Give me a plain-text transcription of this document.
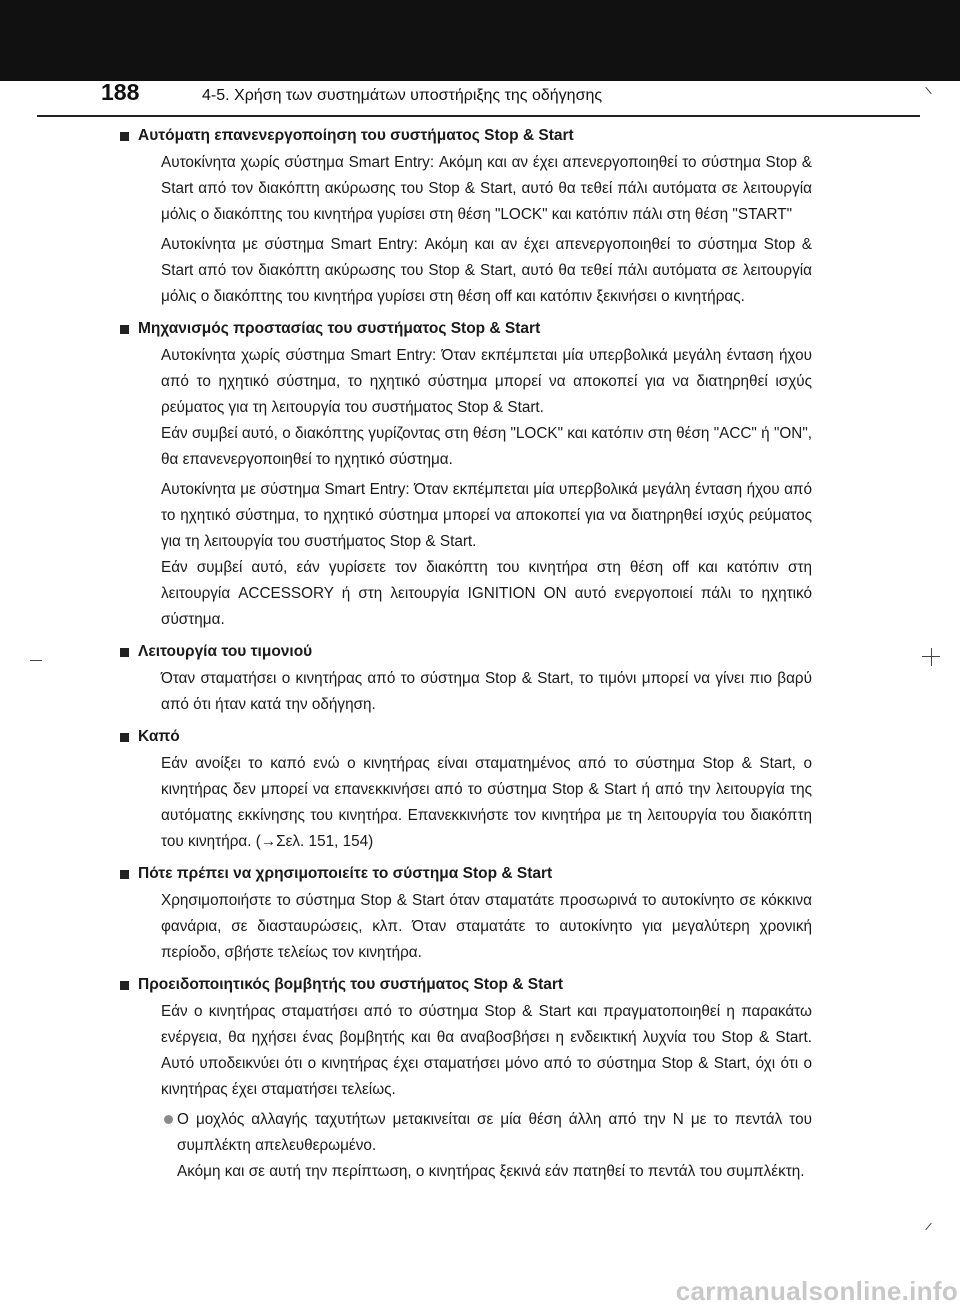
188	4-5. Χρήση των συστημάτων υποστήριξης της οδήγησης
Αυτόματη επανενεργοποίηση του συστήματος Stop & Start

Αυτοκίνητα χωρίς σύστημα Smart Entry: Ακόμη και αν έχει απενεργοποιηθεί το σύστημα Stop & Start από τον διακόπτη ακύρωσης του Stop & Start, αυτό θα τεθεί πάλι αυτόματα σε λειτουργία μόλις ο διακόπτης του κινητήρα γυρίσει στη θέση "LOCK" και κατόπιν πάλι στη θέση "START"

Αυτοκίνητα με σύστημα Smart Entry: Ακόμη και αν έχει απενεργοποιηθεί το σύστημα Stop & Start από τον διακόπτη ακύρωσης του Stop & Start, αυτό θα τεθεί πάλι αυτόματα σε λειτουργία μόλις ο διακόπτης του κινητήρα γυρίσει στη θέση off και κατόπιν ξεκινήσει ο κινητήρας.

Μηχανισμός προστασίας του συστήματος Stop & Start

Αυτοκίνητα χωρίς σύστημα Smart Entry: Όταν εκπέμπεται μία υπερβολικά μεγάλη ένταση ήχου από το ηχητικό σύστημα, το ηχητικό σύστημα μπορεί να αποκοπεί για να διατηρηθεί ισχύς ρεύματος για τη λειτουργία του συστήματος Stop & Start.
Εάν συμβεί αυτό, ο διακόπτης γυρίζοντας στη θέση "LOCK" και κατόπιν στη θέση "ACC" ή "ON", θα επανενεργοποιηθεί το ηχητικό σύστημα.

Αυτοκίνητα με σύστημα Smart Entry: Όταν εκπέμπεται μία υπερβολικά μεγάλη ένταση ήχου από το ηχητικό σύστημα, το ηχητικό σύστημα μπορεί να αποκοπεί για να διατηρηθεί ισχύς ρεύματος για τη λειτουργία του συστήματος Stop & Start.
Εάν συμβεί αυτό, εάν γυρίσετε τον διακόπτη του κινητήρα στη θέση off και κατόπιν στη λειτουργία ACCESSORY ή στη λειτουργία IGNITION ON αυτό ενεργοποιεί πάλι το ηχητικό σύστημα.

Λειτουργία του τιμονιού

Όταν σταματήσει ο κινητήρας από το σύστημα Stop & Start, το τιμόνι μπορεί να γίνει πιο βαρύ από ότι ήταν κατά την οδήγηση.

Καπό

Εάν ανοίξει το καπό ενώ ο κινητήρας είναι σταματημένος από το σύστημα Stop & Start, ο κινητήρας δεν μπορεί να επανεκκινήσει από το σύστημα Stop & Start ή από την λειτουργία της αυτόματης εκκίνησης του κινητήρα. Επανεκκινήστε τον κινητήρα με τη λειτουργία του διακόπτη του κινητήρα. (→Σελ. 151, 154)

Πότε πρέπει να χρησιμοποιείτε το σύστημα Stop & Start

Χρησιμοποιήστε το σύστημα Stop & Start όταν σταματάτε προσωρινά το αυτοκίνητο σε κόκκινα φανάρια, σε διασταυρώσεις, κλπ. Όταν σταματάτε το αυτοκίνητο για μεγαλύτερη χρονική περίοδο, σβήστε τελείως τον κινητήρα.

Προειδοποιητικός βομβητής του συστήματος Stop & Start

Εάν ο κινητήρας σταματήσει από το σύστημα Stop & Start και πραγματοποιηθεί η παρακάτω ενέργεια, θα ηχήσει ένας βομβητής και θα αναβοσβήσει η ενδεικτική λυχνία του Stop & Start. Αυτό υποδεικνύει ότι ο κινητήρας έχει σταματήσει μόνο από το σύστημα Stop & Start, όχι ότι ο κινητήρας έχει σταματήσει τελείως.

Ο μοχλός αλλαγής ταχυτήτων μετακινείται σε μία θέση άλλη από την N με το πεντάλ του συμπλέκτη απελευθερωμένο.
Ακόμη και σε αυτή την περίπτωση, ο κινητήρας ξεκινά εάν πατηθεί το πεντάλ του συμπλέκτη.
carmanualsonline.info
